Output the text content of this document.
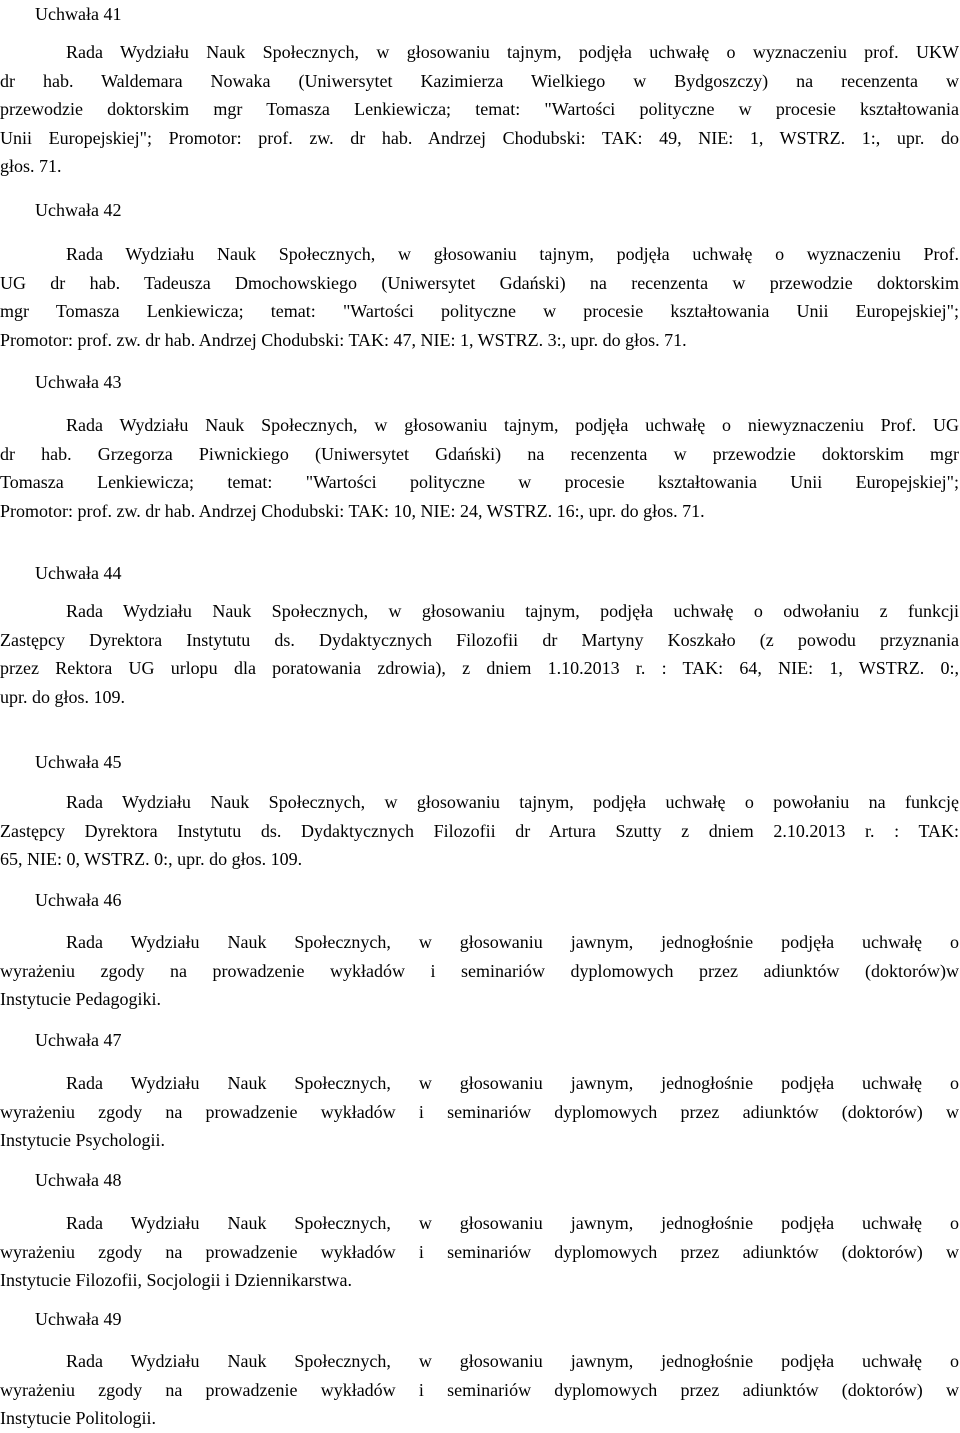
Uchwała 41
Rada Wydziału Nauk Społecznych, w głosowaniu tajnym, podjęła uchwałę o wyznaczeniu prof. UKW
dr hab. Waldemara Nowaka (Uniwersytet Kazimierza Wielkiego w Bydgoszczy) na recenzenta w
przewodzie doktorskim mgr Tomasza Lenkiewicza; temat: "Wartości polityczne w procesie kształtowania
Unii Europejskiej"; Promotor: prof. zw. dr hab. Andrzej Chodubski: TAK: 49, NIE: 1, WSTRZ. 1:, upr. do
głos. 71.
Uchwała 42
Rada Wydziału Nauk Społecznych, w głosowaniu tajnym, podjęła uchwałę o wyznaczeniu Prof.
UG dr hab. Tadeusza Dmochowskiego (Uniwersytet Gdański) na recenzenta w przewodzie doktorskim
mgr Tomasza Lenkiewicza; temat: "Wartości polityczne w procesie kształtowania Unii Europejskiej";
Promotor: prof. zw. dr hab. Andrzej Chodubski: TAK: 47, NIE: 1, WSTRZ. 3:, upr. do głos. 71.
Uchwała 43
Rada Wydziału Nauk Społecznych, w głosowaniu tajnym, podjęła uchwałę o niewyznaczeniu Prof. UG
dr hab. Grzegorza Piwnickiego (Uniwersytet Gdański) na recenzenta w przewodzie doktorskim mgr
Tomasza Lenkiewicza; temat: "Wartości polityczne w procesie kształtowania Unii Europejskiej";
Promotor: prof. zw. dr hab. Andrzej Chodubski: TAK: 10, NIE: 24, WSTRZ. 16:, upr. do głos. 71.
Uchwała 44
Rada Wydziału Nauk Społecznych, w głosowaniu tajnym, podjęła uchwałę o odwołaniu z funkcji
Zastępcy Dyrektora Instytutu ds. Dydaktycznych Filozofii dr Martyny Koszkało (z powodu przyznania
przez Rektora UG urlopu dla poratowania zdrowia), z dniem 1.10.2013 r. : TAK: 64, NIE: 1, WSTRZ. 0:,
upr. do głos. 109.
Uchwała 45
Rada Wydziału Nauk Społecznych, w głosowaniu tajnym, podjęła uchwałę o powołaniu na funkcję
Zastępcy Dyrektora Instytutu ds. Dydaktycznych Filozofii dr Artura Szutty z dniem 2.10.2013 r. : TAK:
65, NIE: 0, WSTRZ. 0:, upr. do głos. 109.
Uchwała 46
Rada Wydziału Nauk Społecznych, w głosowaniu jawnym, jednogłośnie podjęła uchwałę o
wyrażeniu zgody na prowadzenie wykładów i seminariów dyplomowych przez adiunktów (doktorów)w
Instytucie Pedagogiki.
Uchwała 47
Rada Wydziału Nauk Społecznych, w głosowaniu jawnym, jednogłośnie podjęła uchwałę o
wyrażeniu zgody na prowadzenie wykładów i seminariów dyplomowych przez adiunktów (doktorów) w
Instytucie Psychologii.
Uchwała 48
Rada Wydziału Nauk Społecznych, w głosowaniu jawnym, jednogłośnie podjęła uchwałę o
wyrażeniu zgody na prowadzenie wykładów i seminariów dyplomowych przez adiunktów (doktorów) w
Instytucie Filozofii, Socjologii i Dziennikarstwa.
Uchwała 49
Rada Wydziału Nauk Społecznych, w głosowaniu jawnym, jednogłośnie podjęła uchwałę o
wyrażeniu zgody na prowadzenie wykładów i seminariów dyplomowych przez adiunktów (doktorów) w
Instytucie Politologii.
